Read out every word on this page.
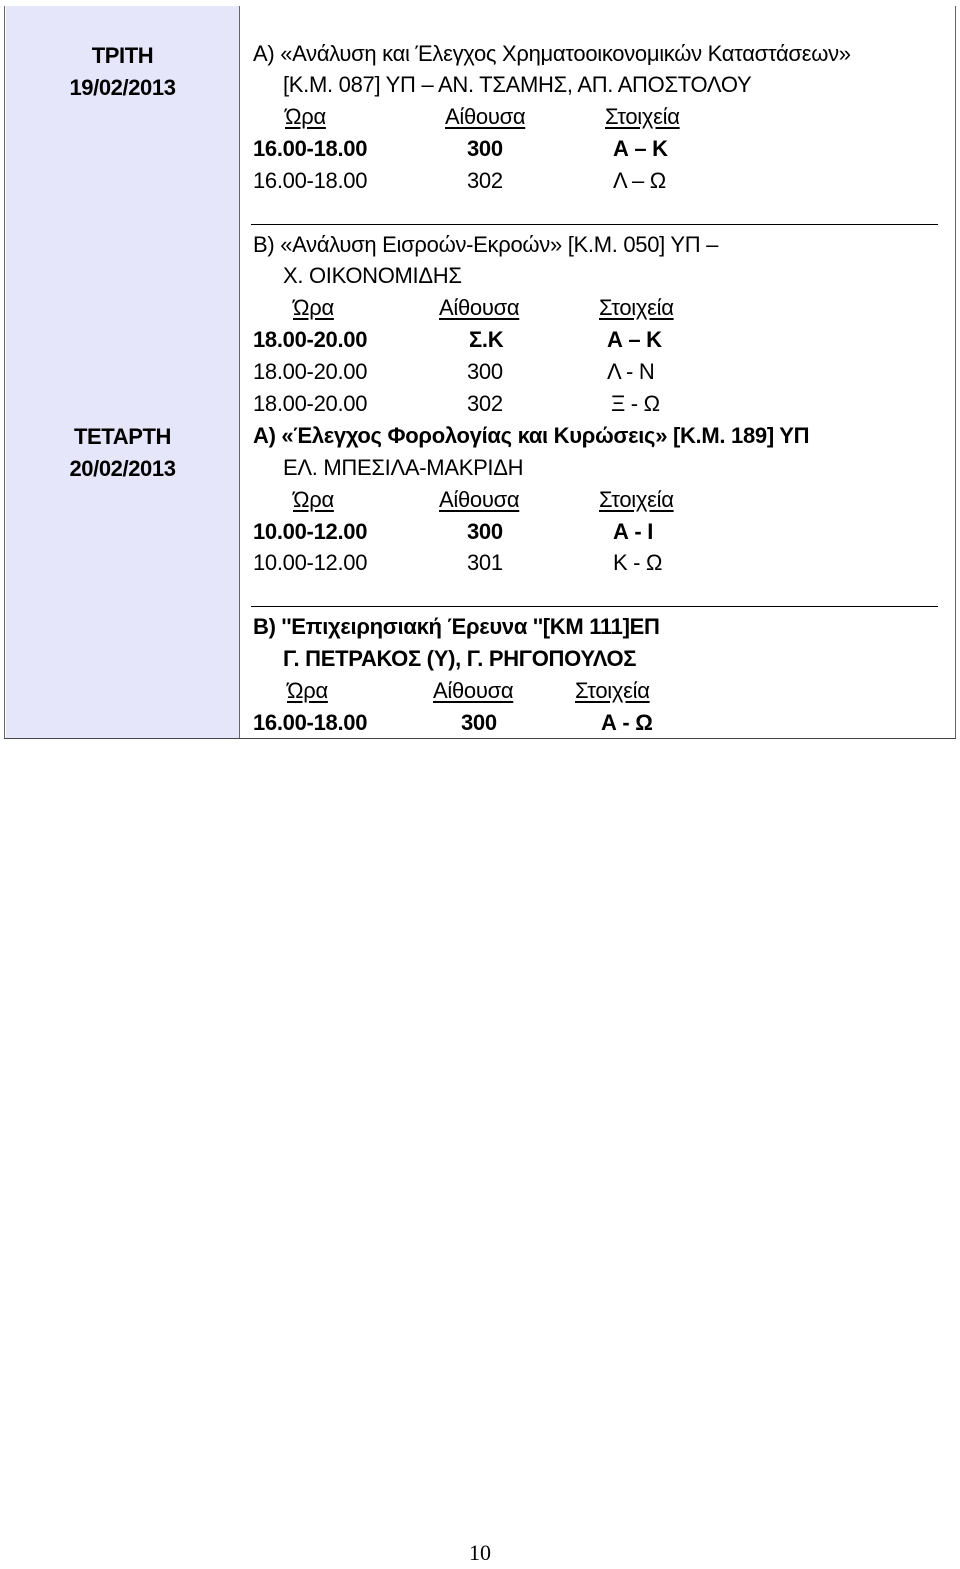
ΤΡΙΤΗ
19/02/2013
ΤΕΤΑΡΤΗ
20/02/2013
Α) «Ανάλυση και Έλεγχος Χρηματοοικονομικών Καταστάσεων»
[Κ.Μ. 087] ΥΠ – ΑΝ. ΤΣΑΜΗΣ, ΑΠ. ΑΠΟΣΤΟΛΟΥ
Ώρα	Αίθουσα	Στοιχεία
16.00-18.00	300	Α – Κ
16.00-18.00	302	Λ – Ω
Β) «Ανάλυση Εισροών-Εκροών» [Κ.Μ. 050] ΥΠ –
Χ. ΟΙΚΟΝΟΜΙΔΗΣ
Ώρα	Αίθουσα	Στοιχεία
18.00-20.00	Σ.Κ	Α – Κ
18.00-20.00	300	Λ - Ν
18.00-20.00	302	Ξ - Ω
Α) «Έλεγχος Φορολογίας και Κυρώσεις» [Κ.Μ. 189] ΥΠ
ΕΛ. ΜΠΕΣΙΛΑ-ΜΑΚΡΙΔΗ
Ώρα	Αίθουσα	Στοιχεία
10.00-12.00	300	Α - Ι
10.00-12.00	301	Κ - Ω
Β) ''Επιχειρησιακή Έρευνα ''[ΚΜ 111]ΕΠ
Γ. ΠΕΤΡΑΚΟΣ (Υ), Γ. ΡΗΓΟΠΟΥΛΟΣ
Ώρα	Αίθουσα	Στοιχεία
16.00-18.00	300	Α - Ω
10
